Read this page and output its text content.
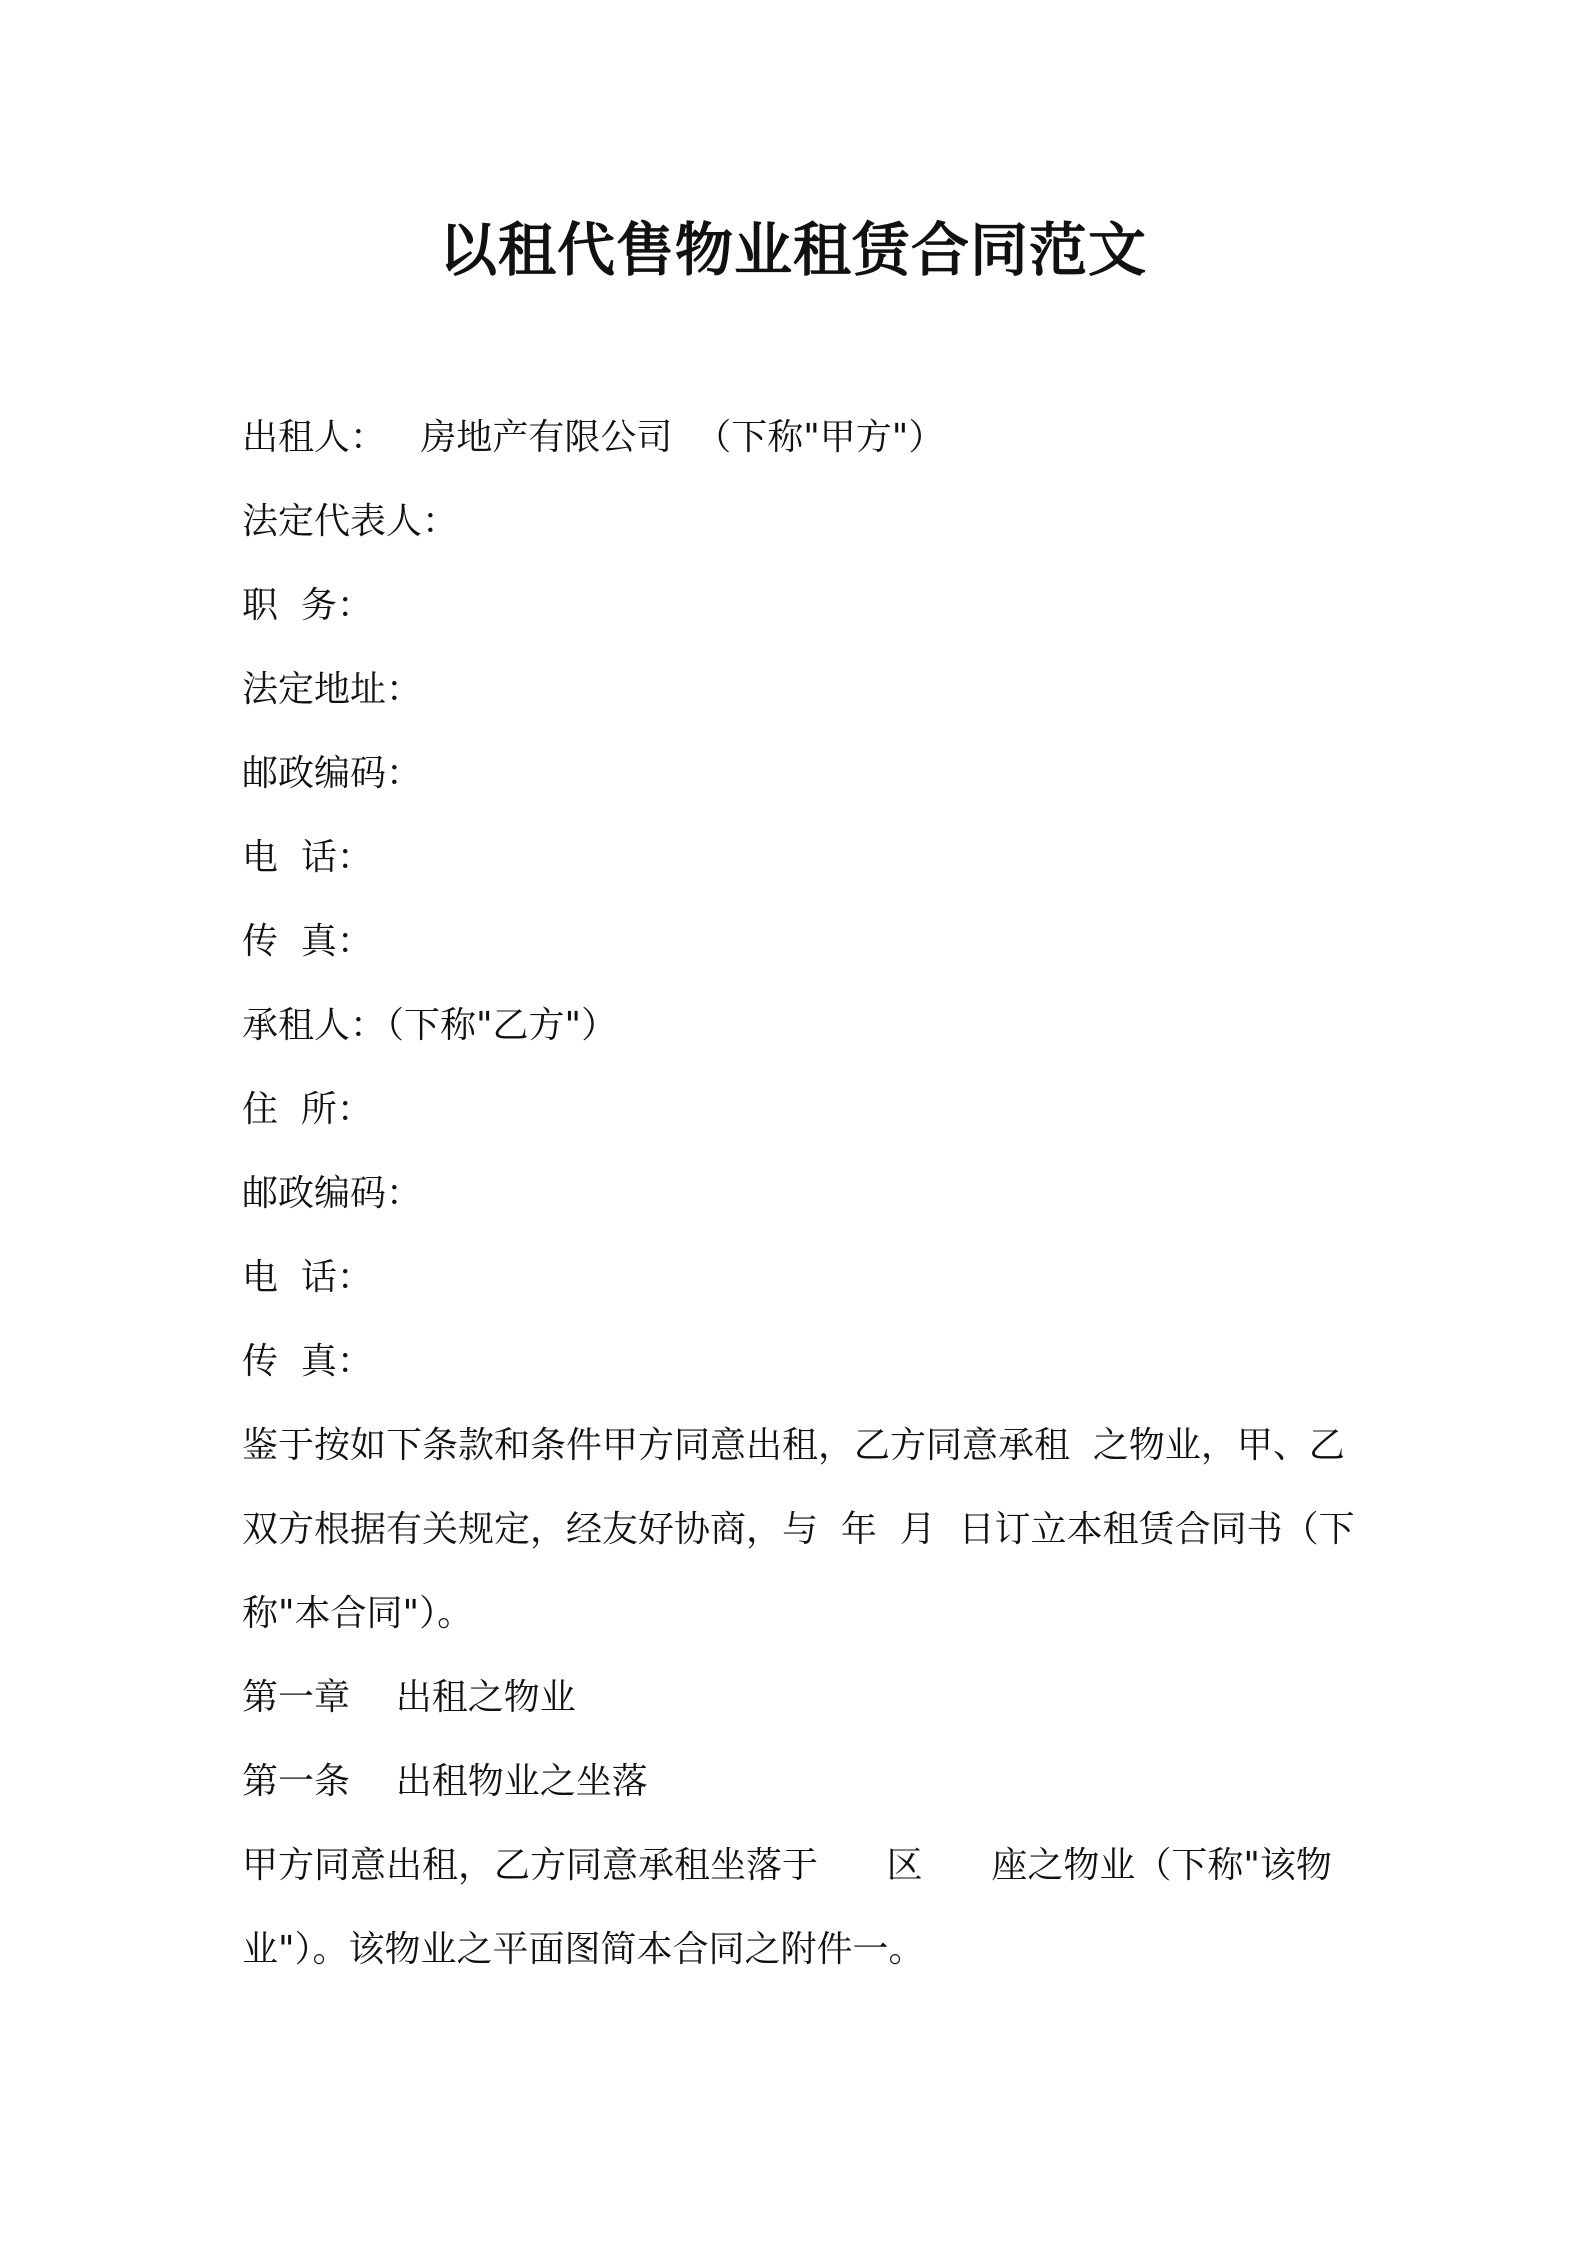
以租代售物业租赁合同范文
出租人：   房地产有限公司  （下称"甲方"）
法定代表人：
职  务：
法定地址：
邮政编码：
电  话：
传  真：
承租人：（下称"乙方"）
住  所：
邮政编码：
电  话：
传  真：
鉴于按如下条款和条件甲方同意出租，乙方同意承租  之物业，甲、乙双方根据有关规定，经友好协商，与  年  月  日订立本租赁合同书（下称"本合同"）。
第一章    出租之物业
第一条    出租物业之坐落
甲方同意出租，乙方同意承租坐落于      区      座之物业（下称"该物业"）。该物业之平面图简本合同之附件一。
